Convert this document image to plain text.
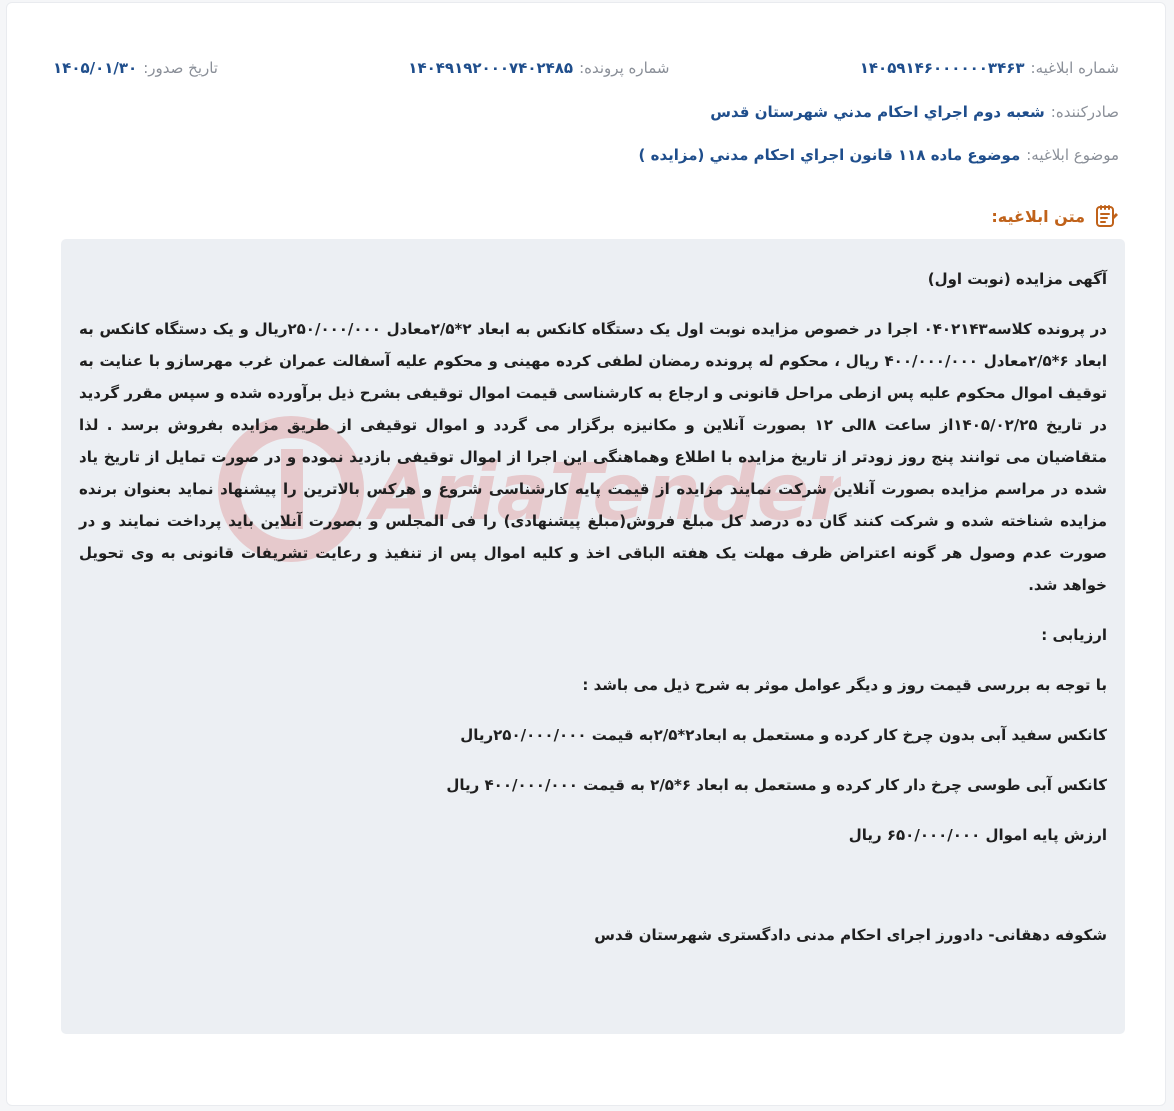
شماره ابلاغیه:
۱۴۰۵۹۱۴۶۰۰۰۰۰۰۳۴۶۳
شماره پرونده:
۱۴۰۴۹۱۹۲۰۰۰۷۴۰۲۴۸۵
تاریخ صدور:
۱۴۰۵/۰۱/۳۰
صادرکننده:
شعبه دوم اجراي احكام مدني شهرستان قدس
موضوع ابلاغیه:
موضوع ماده ۱۱۸ قانون اجراي احكام مدني (مزايده )
متن ابلاغیه:
AriaTender

آگهی مزایده (نوبت اول)

در پرونده کلاسه۰۴۰۲۱۴۳ اجرا در خصوص مزایده نوبت اول یک دستگاه کانکس به ابعاد ۲*۲/۵معادل ۲۵۰/۰۰۰/۰۰۰ریال و یک دستگاه کانکس به ابعاد ۶*۲/۵معادل ۴۰۰/۰۰۰/۰۰۰ ریال ، محکوم له پرونده رمضان لطفی کرده مهینی و محکوم علیه آسفالت عمران غرب مهرسازو با عنایت به توقیف اموال محکوم علیه پس ازطی مراحل قانونی و ارجاع به کارشناسی قیمت اموال توقیفی بشرح ذیل برآورده شده و سپس مقرر گردید در تاریخ ۱۴۰۵/۰۲/۲۵از ساعت ۸الی ۱۲ بصورت آنلاین و مکانیزه برگزار می گردد و اموال توقیفی از طریق مزایده بفروش برسد . لذا متقاضیان می توانند پنج روز زودتر از تاریخ مزایده با اطلاع وهماهنگی این اجرا از اموال توقیفی بازدید نموده و در صورت تمایل از تاریخ یاد شده در مراسم مزایده بصورت آنلاین شرکت نمایند مزایده از قیمت پایه کارشناسی شروع و هرکس بالاترین را پیشنهاد نماید بعنوان برنده مزایده شناخته شده و شرکت کنند گان ده درصد کل مبلغ فروش(مبلغ پیشنهادی) را فی المجلس و بصورت آنلاین باید پرداخت نمایند و در صورت عدم وصول هر گونه اعتراض ظرف مهلت یک هفته الباقی اخذ و کلیه اموال پس از تنفیذ و رعایت تشریفات قانونی به وی تحویل خواهد شد.

ارزیابی :

با توجه به بررسی قیمت روز و دیگر عوامل موثر به شرح ذیل می باشد :

کانکس سفید آبی بدون چرخ کار کرده و مستعمل به ابعاد۲*۲/۵به قیمت ۲۵۰/۰۰۰/۰۰۰ریال

کانکس آبی طوسی چرخ دار کار کرده و مستعمل به ابعاد ۶*۲/۵ به قیمت ۴۰۰/۰۰۰/۰۰۰ ریال

ارزش پایه اموال ۶۵۰/۰۰۰/۰۰۰ ریال

شکوفه دهقانی- دادورز اجرای احکام مدنی دادگستری شهرستان قدس
